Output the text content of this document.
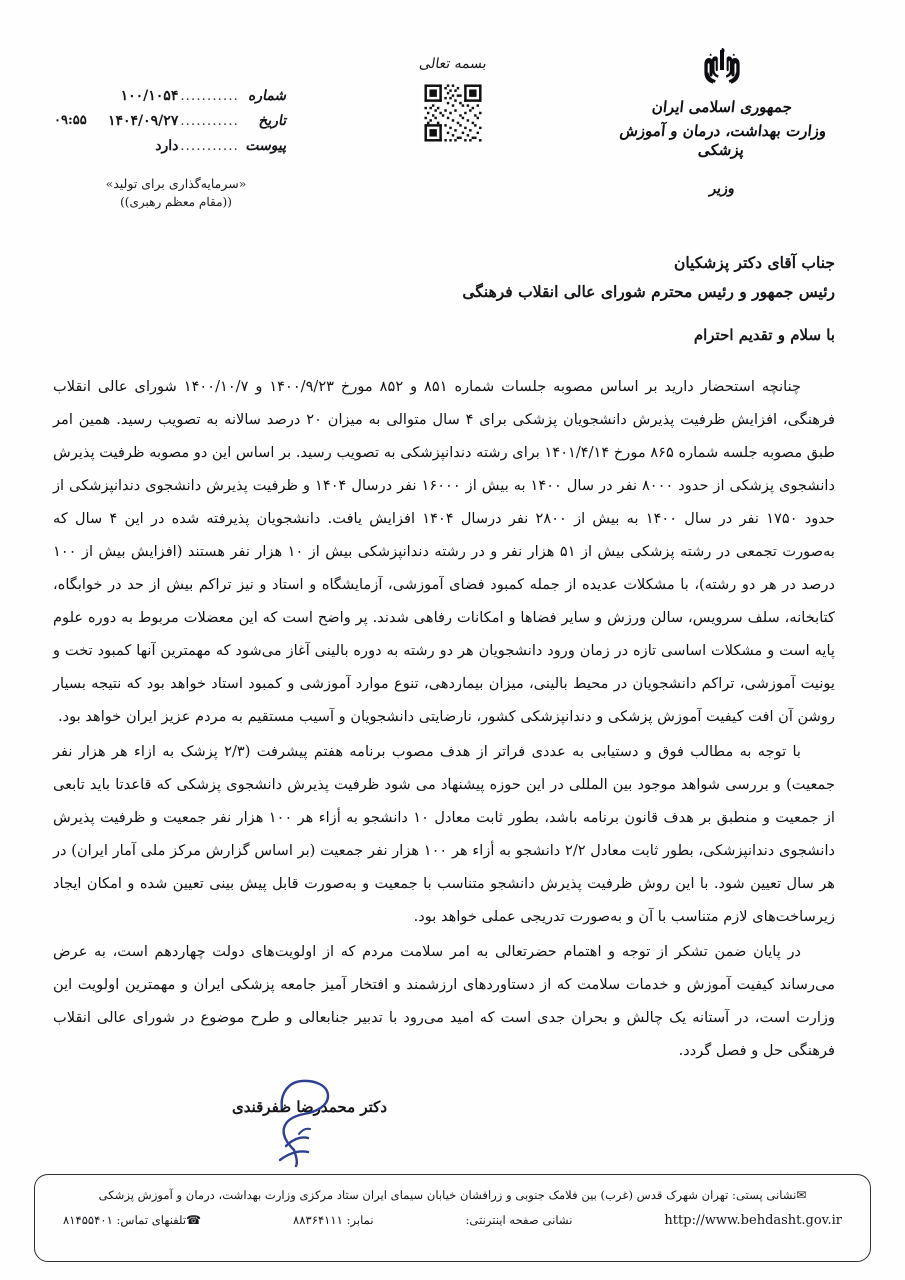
جمهوری اسلامی ایران
وزارت بهداشت، درمان و آموزش پزشکی
وزیر
بسمه تعالی
شماره
...........
۱۰۰/۱۰۵۴
تاریخ
...........
۱۴۰۴/۰۹/۲۷
پیوست
...........
دارد
۰۹:۵۵
«سرمایه‌گذاری برای تولید»
((مقام معظم رهبری))
جناب آقای دکتر پزشکیان
رئیس جمهور و رئیس محترم شورای عالی انقلاب فرهنگی
با سلام و تقدیم احترام

چنانچه استحضار دارید بر اساس مصوبه جلسات شماره ۸۵۱ و ۸۵۲ مورخ ۱۴۰۰/۹/۲۳ و ۱۴۰۰/۱۰/۷ شورای عالی انقلاب فرهنگی، افزایش ظرفیت پذیرش دانشجویان پزشکی برای ۴ سال متوالی به میزان ۲۰ درصد سالانه به تصویب رسید. همین امر طبق مصوبه جلسه شماره ۸۶۵ مورخ ۱۴۰۱/۴/۱۴ برای رشته دندانپزشکی به تصویب رسید. بر اساس این دو مصوبه ظرفیت پذیرش دانشجوی پزشکی از حدود ۸۰۰۰ نفر در سال ۱۴۰۰ به بیش از ۱۶۰۰۰ نفر درسال ۱۴۰۴ و ظرفیت پذیرش دانشجوی دندانپزشکی از حدود ۱۷۵۰ نفر در سال ۱۴۰۰ به بیش از ۲۸۰۰ نفر درسال ۱۴۰۴ افزایش یافت. دانشجویان پذیرفته شده در این ۴ سال که به‌صورت تجمعی در رشته پزشکی بیش از ۵۱ هزار نفر و در رشته دندانپزشکی بیش از ۱۰ هزار نفر هستند (افزایش بیش از ۱۰۰ درصد در هر دو رشته)، با مشکلات عدیده از جمله کمبود فضای آموزشی، آزمایشگاه و استاد و نیز تراکم بیش از حد در خوابگاه، کتابخانه، سلف سرویس، سالن ورزش و سایر فضاها و امکانات رفاهی شدند. پر واضح است که این معضلات مربوط به دوره علوم پایه است و مشکلات اساسی تازه در زمان ورود دانشجویان هر دو رشته به دوره بالینی آغاز می‌شود که مهمترین آنها کمبود تخت و یونیت آموزشی، تراکم دانشجویان در محیط بالینی، میزان بیماردهی، تنوع موارد آموزشی و کمبود استاد خواهد بود که نتیجه بسیار روشن آن افت کیفیت آموزش پزشکی و دندانپزشکی کشور، نارضایتی دانشجویان و آسیب مستقیم به مردم عزیز ایران خواهد بود.

با توجه به مطالب فوق و دستیابی به عددی فراتر از هدف مصوب برنامه هفتم پیشرفت (۲/۳ پزشک به ازاء هر هزار نفر جمعیت) و بررسی شواهد موجود بین المللی در این حوزه پیشنهاد می شود ظرفیت پذیرش دانشجوی پزشکی که قاعدتا باید تابعی از جمعیت و منطبق بر هدف قانون برنامه باشد، بطور ثابت معادل ۱۰ دانشجو به أزاء هر ۱۰۰ هزار نفر جمعیت و ظرفیت پذیرش دانشجوی دندانپزشکی، بطور ثابت معادل ۲/۲ دانشجو به أزاء هر ۱۰۰ هزار نفر جمعیت (بر اساس گزارش مرکز ملی آمار ایران) در هر سال تعیین شود. با این روش ظرفیت پذیرش دانشجو متناسب با جمعیت و به‌صورت قابل پیش بینی تعیین شده و امکان ایجاد زیرساخت‌های لازم متناسب با آن و به‌صورت تدریجی عملی خواهد بود.

در پایان ضمن تشکر از توجه و اهتمام حضرتعالی به امر سلامت مردم که از اولویت‌های دولت چهاردهم است، به عرض می‌رساند کیفیت آموزش و خدمات سلامت که از دستاوردهای ارزشمند و افتخار آمیز جامعه پزشکی ایران و مهمترین اولویت این وزارت است، در آستانه یک چالش و بحران جدی است که امید می‌رود با تدبیر جنابعالی و طرح موضوع در شورای عالی انقلاب فرهنگی حل و فصل گردد.

دکتر محمدرضا ظفرقندی
✉نشانی پستی: تهران شهرک قدس (غرب) بین فلامک جنوبی و زرافشان خیابان سیمای ایران ستاد مرکزی وزارت بهداشت، درمان و آموزش پزشکی
http://www.behdasht.gov.ir
نشانی صفحه اینترنتی:
نمابر: ۸۸۳۶۴۱۱۱
☎تلفنهای تماس: ۸۱۴۵۵۴۰۱
